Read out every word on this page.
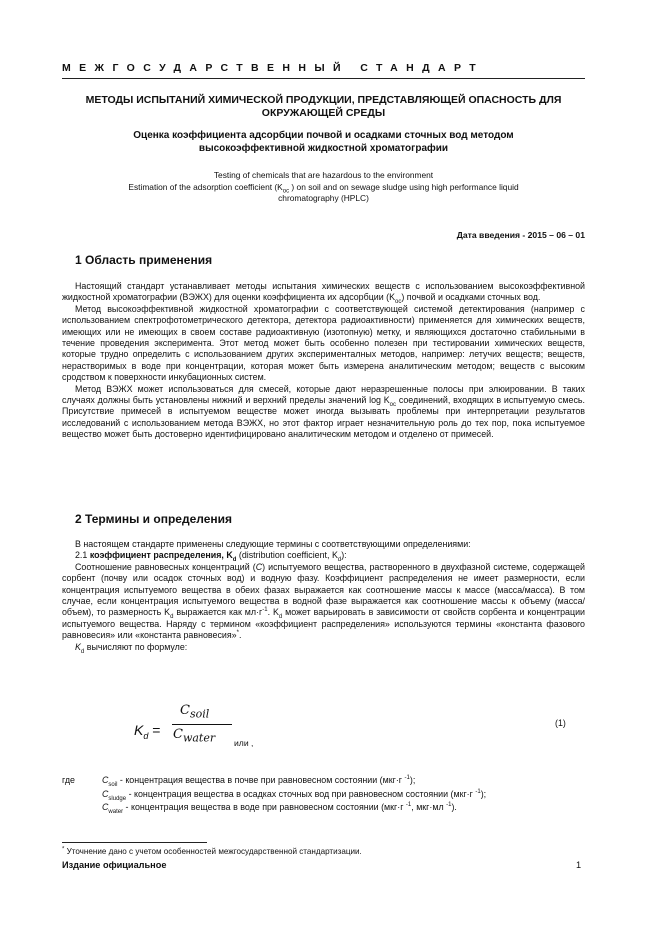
МЕЖГОСУДАРСТВЕННЫЙ СТАНДАРТ
МЕТОДЫ ИСПЫТАНИЙ ХИМИЧЕСКОЙ ПРОДУКЦИИ, ПРЕДСТАВЛЯЮЩЕЙ ОПАСНОСТЬ ДЛЯ
ОКРУЖАЮЩЕЙ СРЕДЫ
Оценка коэффициента адсорбции почвой и осадками сточных вод методом
высокоэффективной жидкостной хроматографии
Testing of chemicals that are hazardous to the environment
Estimation of the adsorption coefficient ($K_{oc}$ ) on soil and on sewage sludge using high performance liquid
chromatography (HPLC)
Дата введения - 2015 – 06 – 01
1 Область применения

Настоящий стандарт устанавливает методы испытания химических веществ с использованием высокоэффективной жидкостной хроматографии (ВЭЖХ) для оценки коэффициента их адсорбции $(K_{oc})$ почвой и осадками сточных вод.

Метод высокоэффективной жидкостной хроматографии с соответствующей системой детектирования (например с использованием спектрофотометрического детектора, детектора радиоактивности) применяется для химических веществ, имеющих или не имеющих в своем составе радиоактивную (изотопную) метку, и являющихся достаточно стабильными в течение проведения эксперимента. Этот метод может быть особенно полезен при тестировании химических веществ, которые трудно определить с использованием других эксперименталных методов, например: летучих веществ; веществ, нерастворимых в воде при концентрации, которая может быть измерена аналитическим методом; веществ с высоким сродством к поверхности инкубационных систем.

Метод ВЭЖХ может использоваться для смесей, которые дают неразрешенные полосы при элюировании. В таких случаях должны быть установлены нижний и верхний пределы значений $\log K_{oc}$ соединений, входящих в испытуемую смесь. Присутствие примесей в испытуемом веществе может иногда вызывать проблемы при интерпретации результатов исследований с использованием метода ВЭЖХ, но этот фактор играет незначительную роль до тех пор, пока испытуемое вещество может быть достоверно идентифицировано аналитическим методом и отделено от примесей.

2 Термины и определения

В настоящем стандарте применены следующие термины с соответствующими определениями:

2.1 коэффициент распределения, $K_d$ (distribution coefficient, $K_d$):

Соотношение равновесных концентраций (C) испытуемого вещества, растворенного в двухфазной системе, содержащей сорбент (почву или осадок сточных вод) и водную фазу. Коэффициент распределения не имеет размерности, если концентрация испытуемого вещества в обеих фазах выражается как соотношение массы к массе (масса/масса). В том случае, если концентрация испытуемого вещества в водной фазе выражается как соотношение массы к объему (масса/объем), то размерность $K_d$ выражается как $мл\cdot г^{-1}$. $K_d$ может варьировать в зависимости от свойств сорбента и концентрации испытуемого вещества. Наряду с термином «коэффициент распределения» используются термины «константа фазового равновесия» или «константа равновесия»*.

$K_d$ вычисляют по формуле:

$K_d$ =
$C_{soil}$
$C_{water}$ или ,
(1)
где	$C_{soil}$ - концентрация вещества в почве при равновесном состоянии (мкг·г $^{-1}$);
$C_{sludge}$ - концентрация вещества в осадках сточных вод при равновесном состоянии (мкг·г $^{-1}$);
$C_{water}$ - концентрация вещества в воде при равновесном состоянии (мкг·г $^{-1}$, мкг·мл $^{-1}$).
* Уточнение дано с учетом особенностей межгосударственной стандартизации.
Издание официальное	1
